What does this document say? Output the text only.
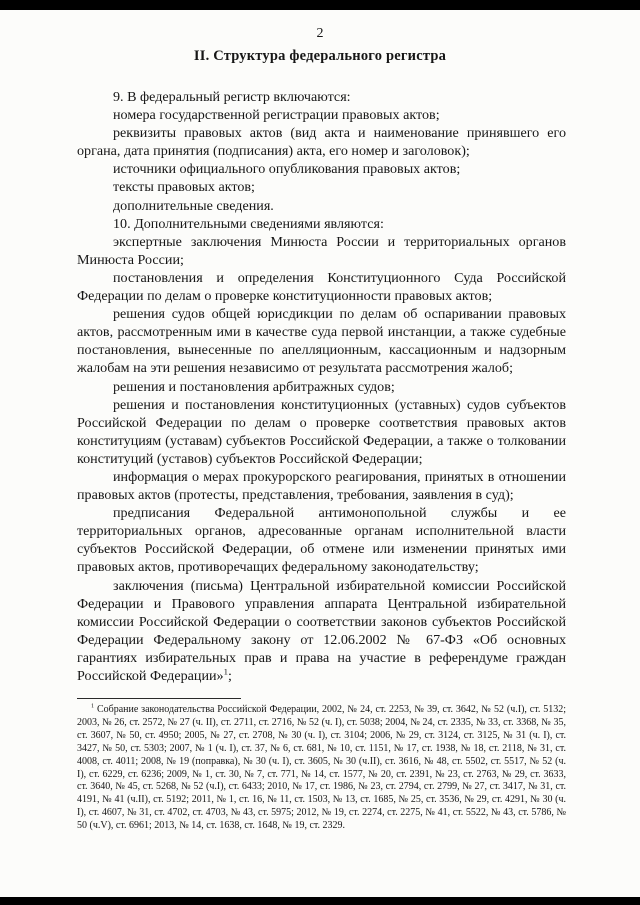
2
II. Структура федерального регистра

9. В федеральный регистр включаются:

номера государственной регистрации правовых актов;

реквизиты правовых актов (вид акта и наименование принявшего его органа, дата принятия (подписания) акта, его номер и заголовок);

источники официального опубликования правовых актов;

тексты правовых актов;

дополнительные сведения.

10. Дополнительными сведениями являются:

экспертные заключения Минюста России и территориальных органов Минюста России;

постановления и определения Конституционного Суда Российской Федерации по делам о проверке конституционности правовых актов;

решения судов общей юрисдикции по делам об оспаривании правовых актов, рассмотренным ими в качестве суда первой инстанции, а также судебные постановления, вынесенные по апелляционным, кассационным и надзорным жалобам на эти решения независимо от результата рассмотрения жалоб;

решения и постановления арбитражных судов;

решения и постановления конституционных (уставных) судов субъектов Российской Федерации по делам о проверке соответствия правовых актов конституциям (уставам) субъектов Российской Федерации, а также о толковании конституций (уставов) субъектов Российской Федерации;

информация о мерах прокурорского реагирования, принятых в отношении правовых актов (протесты, представления, требования, заявления в суд);

предписания Федеральной антимонопольной службы и ее территориальных органов, адресованные органам исполнительной власти субъектов Российской Федерации, об отмене или изменении принятых ими правовых актов, противоречащих федеральному законодательству;

заключения (письма) Центральной избирательной комиссии Российской Федерации и Правового управления аппарата Центральной избирательной комиссии Российской Федерации о соответствии законов субъектов Российской Федерации Федеральному закону от 12.06.2002 № 67-ФЗ «Об основных гарантиях избирательных прав и права на участие в референдуме граждан Российской Федерации»$^1$;

$^1$ Собрание законодательства Российской Федерации, 2002, № 24, ст. 2253, № 39, ст. 3642, № 52 (ч.I), ст. 5132; 2003, № 26, ст. 2572, № 27 (ч. II), ст. 2711, ст. 2716, № 52 (ч. I), ст. 5038; 2004, № 24, ст. 2335, № 33, ст. 3368, № 35, ст. 3607, № 50, ст. 4950; 2005, № 27, ст. 2708, № 30 (ч. I), ст. 3104; 2006, № 29, ст. 3124, ст. 3125, № 31 (ч. I), ст. 3427, № 50, ст. 5303; 2007, № 1 (ч. I), ст. 37, № 6, ст. 681, № 10, ст. 1151, № 17, ст. 1938, № 18, ст. 2118, № 31, ст. 4008, ст. 4011; 2008, № 19 (поправка), № 30 (ч. I), ст. 3605, № 30 (ч.II), ст. 3616, № 48, ст. 5502, ст. 5517, № 52 (ч. I), ст. 6229, ст. 6236; 2009, № 1, ст. 30, № 7, ст. 771, № 14, ст. 1577, № 20, ст. 2391, № 23, ст. 2763, № 29, ст. 3633, ст. 3640, № 45, ст. 5268, № 52 (ч.I), ст. 6433; 2010, № 17, ст. 1986, № 23, ст. 2794, ст. 2799, № 27, ст. 3417, № 31, ст. 4191, № 41 (ч.II), ст. 5192; 2011, № 1, ст. 16, № 11, ст. 1503, № 13, ст. 1685, № 25, ст. 3536, № 29, ст. 4291, № 30 (ч. I), ст. 4607, № 31, ст. 4702, ст. 4703, № 43, ст. 5975; 2012, № 19, ст. 2274, ст. 2275, № 41, ст. 5522, № 43, ст. 5786, № 50 (ч.V), ст. 6961; 2013, № 14, ст. 1638, ст. 1648, № 19, ст. 2329.
